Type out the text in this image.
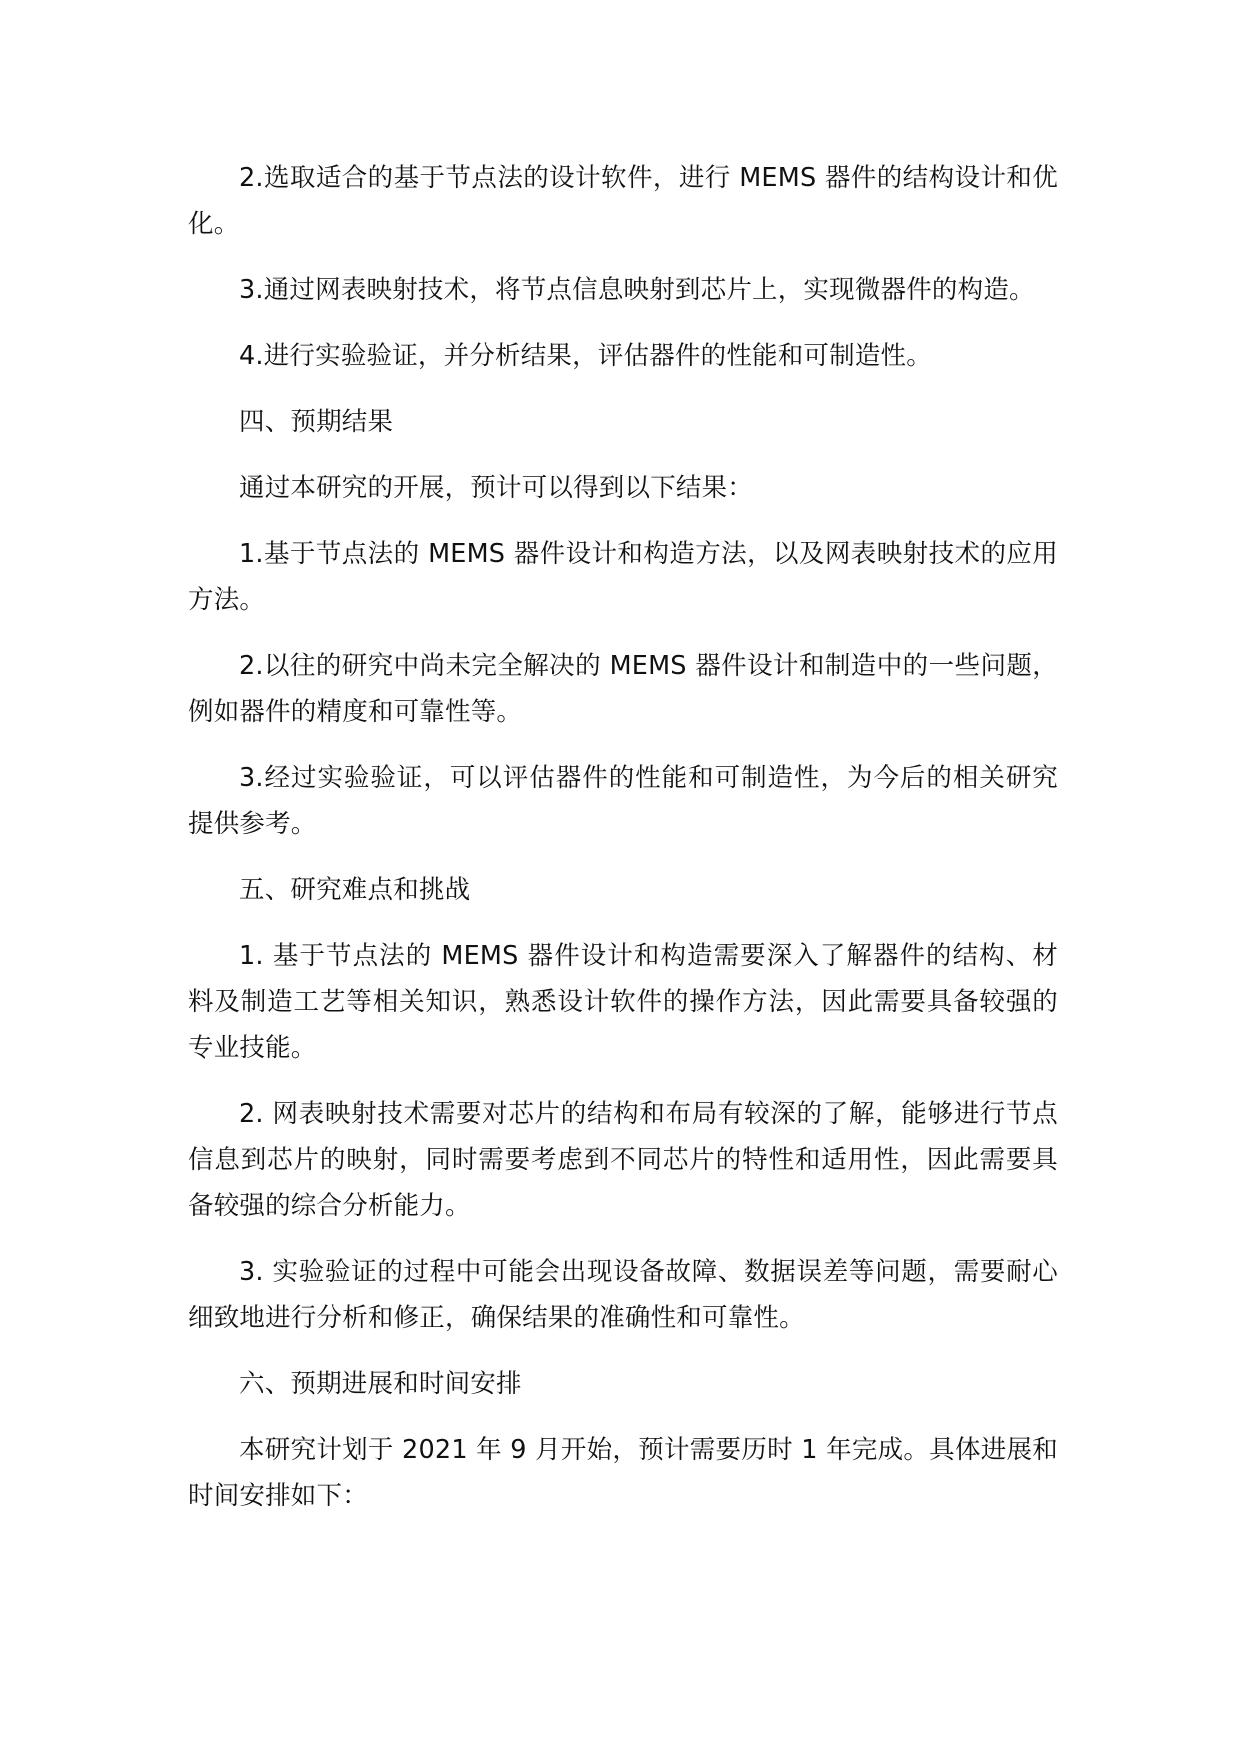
2.选取适合的基于节点法的设计软件，进行 MEMS 器件的结构设计和优化。

3.通过网表映射技术，将节点信息映射到芯片上，实现微器件的构造。

4.进行实验验证，并分析结果，评估器件的性能和可制造性。

四、预期结果

通过本研究的开展，预计可以得到以下结果：

1.基于节点法的 MEMS 器件设计和构造方法，以及网表映射技术的应用方法。

2.以往的研究中尚未完全解决的 MEMS 器件设计和制造中的一些问题，例如器件的精度和可靠性等。

3.经过实验验证，可以评估器件的性能和可制造性，为今后的相关研究提供参考。

五、研究难点和挑战

1. 基于节点法的 MEMS 器件设计和构造需要深入了解器件的结构、材料及制造工艺等相关知识，熟悉设计软件的操作方法，因此需要具备较强的专业技能。

2. 网表映射技术需要对芯片的结构和布局有较深的了解，能够进行节点信息到芯片的映射，同时需要考虑到不同芯片的特性和适用性，因此需要具备较强的综合分析能力。

3. 实验验证的过程中可能会出现设备故障、数据误差等问题，需要耐心细致地进行分析和修正，确保结果的准确性和可靠性。

六、预期进展和时间安排

本研究计划于 2021 年 9 月开始，预计需要历时 1 年完成。具体进展和时间安排如下：
